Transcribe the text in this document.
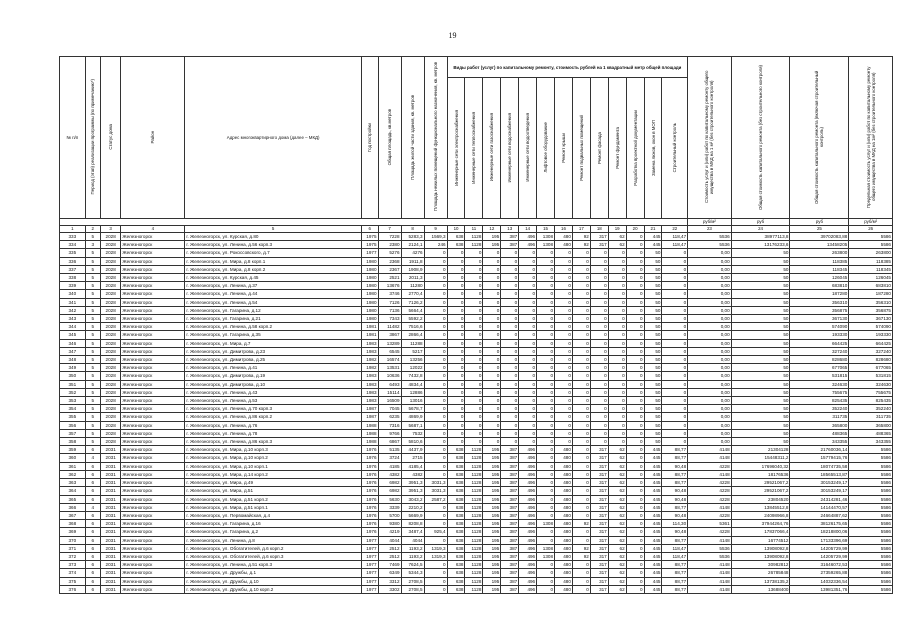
19
№ п/п	Период (этап) реализации программы (по примечанию*)	Статус дома	Район	Адрес многоквартирного дома (далее – МКД)	Год постройки	Общая площадь, кв.метров	Площадь жилой части здания, кв. метров	Площадь нежилых помещений функционального назначения, кв. метров	Виды работ (услуг) по капитальному ремонту, стоимость рублей на 1 квадратный метр общей площади													Стоимость услуг и (или) работ по капитальному ремонту общего имущества в МКД на 1 м² (без строительного контроля)	Общая стоимость капитального ремонта (без строительного контроля)	Общая стоимость капитального ремонта (включая строительный контроль)	Предельная стоимость услуг и (или) работ по капитальному ремонту общего имущества в МКД на 1м² (без строительного контроля)
									Инженерные сети электроснабжения	Инженерные сети теплоснабжения	Инженерные сети газоснабжения	Инженерные сети водоснабжения	Инженерные сети водоотведения	Лифтовое оборудование	Ремонт крыши	Ремонт подвальных помещений	Ремонт фасада	Ремонт фундамента	Разработка проектной документации	Замена люков, окон в МОП	Строительный контроль				
																						руб/м²	руб	руб	руб/м²
1	2	3	4	5	6	7	8	9	10	11	12	13	14	15	16	17	18	19	20	21	22	23	24	25	26
333	5	2028	Железногорск	г. Железногорск, ул. Курская, д.80	1975	7228	5283,3	1569,3	638	1128	195	387	496	1308	480	92	317	62	0	445	118,47	5536	38977113,8	39702083,88	5586
334	3	2028	Железногорск	г. Железногорск, ул. Ленина, д.56 корп.3	1975	2380	2124,1	246	638	1128	195	387	496	1308	480	92	317	62	0	445	118,47	5536	13176233,6	13458205	5586
335	5	2028	Железногорск	г. Железногорск, ул. Рокоссовского, д.7	1977	5276	4276	0	0	0	0	0	0	0	0	0	0	0	0	50	0	0,00	50	263800	263800
336	5	2028	Железногорск	г. Железногорск, ул. Мира, д.8 корп.1	1980	2368	1911,8	0	0	0	0	0	0	0	0	0	0	0	0	50	0	0,00	50	118385	118385
337	5	2028	Железногорск	г. Железногорск, ул. Мира, д.8 корп.2	1980	2367	1908,9	0	0	0	0	0	0	0	0	0	0	0	0	50	0	0,00	50	118345	118345
338	5	2028	Железногорск	г. Железногорск, ул. Курская, д.45	1980	2521	2011,3	0	0	0	0	0	0	0	0	0	0	0	0	50	0	0,00	50	126045	126045
339	5	2028	Железногорск	г. Железногорск, ул. Ленина, д.37	1980	13676	11280	0	0	0	0	0	0	0	0	0	0	0	0	50	0	0,00	50	683810	683810
340	5	2028	Железногорск	г. Железногорск, ул. Ленина, д.44	1980	3746	2770,4	0	0	0	0	0	0	0	0	0	0	0	0	50	0	0,00	50	187280	187280
341	5	2028	Железногорск	г. Железногорск, ул. Ленина, д.54	1980	7126	7126,2	0	0	0	0	0	0	0	0	0	0	0	0	50	0	0,00	50	356310	356310
342	5	2028	Железногорск	г. Железногорск, ул. Гагарина, д.12	1980	7136	5664,4	0	0	0	0	0	0	0	0	0	0	0	0	50	0	0,00	50	356875	356875
343	5	2028	Железногорск	г. Железногорск, ул. Гагарина, д.21	1980	7343	5592,2	0	0	0	0	0	0	0	0	0	0	0	0	50	0	0,00	50	367130	367130
344	5	2028	Железногорск	г. Железногорск, ул. Ленина, д.58 корп.2	1981	11482	7516,6	0	0	0	0	0	0	0	0	0	0	0	0	50	0	0,00	50	574090	574090
345	5	2028	Железногорск	г. Железногорск, ул. Гагарина, д.35	1981	3867	2866,4	0	0	0	0	0	0	0	0	0	0	0	0	50	0	0,00	50	193330	193330
346	5	2028	Железногорск	г. Железногорск, ул. Мира, д.7	1983	13289	11288	0	0	0	0	0	0	0	0	0	0	0	0	50	0	0,00	50	664425	664425
347	5	2028	Железногорск	г. Железногорск, ул. Димитрова, д.23	1983	6545	5217	0	0	0	0	0	0	0	0	0	0	0	0	50	0	0,00	50	327240	327240
348	5	2028	Железногорск	г. Железногорск, ул. Димитрова, д.25	1982	16574	13256	0	0	0	0	0	0	0	0	0	0	0	0	50	0	0,00	50	828680	828680
349	5	2028	Железногорск	г. Железногорск, ул. Ленина, д.41	1982	13531	12022	0	0	0	0	0	0	0	0	0	0	0	0	50	0	0,00	50	677065	677065
350	5	2028	Железногорск	г. Железногорск, ул. Димитрова, д.19	1983	10636	7432,8	0	0	0	0	0	0	0	0	0	0	0	0	50	0	0,00	50	531815	531815
351	5	2028	Железногорск	г. Железногорск, ул. Димитрова, д.10	1983	6493	4834,4	0	0	0	0	0	0	0	0	0	0	0	0	50	0	0,00	50	324630	324630
352	5	2028	Железногорск	г. Железногорск, ул. Ленина, д.43	1983	15114	12886	0	0	0	0	0	0	0	0	0	0	0	0	50	0	0,00	50	755675	755675
353	5	2028	Железногорск	г. Железногорск, ул. Ленина, д.53	1983	16509	13016	0	0	0	0	0	0	0	0	0	0	0	0	50	0	0,00	50	825435	825435
354	5	2028	Железногорск	г. Железногорск, ул. Ленина, д.70 корп.3	1987	7045	5678,7	0	0	0	0	0	0	0	0	0	0	0	0	50	0	0,00	50	352240	352240
355	5	2028	Железногорск	г. Железногорск, ул. Ленина, д.86 корп.2	1987	6235	4869,9	0	0	0	0	0	0	0	0	0	0	0	0	50	0	0,00	50	311735	311735
356	5	2028	Железногорск	г. Железногорск, ул. Ленина, д.76	1988	7316	5687,1	0	0	0	0	0	0	0	0	0	0	0	0	50	0	0,00	50	365800	365800
357	5	2028	Железногорск	г. Железногорск, ул. Ленина, д.78	1988	9766	7532	0	0	0	0	0	0	0	0	0	0	0	0	50	0	0,00	50	488365	488365
358	5	2028	Железногорск	г. Железногорск, ул. Ленина, д.86 корп.3	1988	6867	5810,6	0	0	0	0	0	0	0	0	0	0	0	0	50	0	0,00	50	343355	343355
359	6	2031	Железногорск	г. Железногорск, ул. Мира, д.10 корп.3	1976	5135	4437,9	0	638	1128	195	387	496	0	480	0	317	62	0	445	88,77	4148	21304128	21760036,14	5586
360	4	2031	Железногорск	г. Железногорск, ул. Мира, д.10 корп.2	1976	3724	2715	0	638	1128	195	387	496	0	480	0	317	62	0	445	88,77	4148	15448311,2	15779415,76	5586
361	6	2031	Железногорск	г. Железногорск, ул. Мира, д.10 корп.1	1976	4185	4185,4	0	638	1128	195	387	496	0	480	0	317	62	0	445	90,48	4228	17696040,32	18074735,58	5586
362	6	2031	Железногорск	г. Железногорск, ул. Мира, д.14 корп.2	1976	4382	4382	0	638	1128	195	387	496	0	480	0	317	62	0	445	88,77	4148	18176536	18565513,87	5586
363	6	2031	Железногорск	г. Железногорск, ул. Мира, д.49	1976	6982	3951,3	3031,3	638	1128	195	387	496	0	480	0	317	62	0	445	88,77	4228	29521067,2	30153249,17	5586
364	6	2031	Железногорск	г. Железногорск, ул. Мира, д.51	1976	6982	3951,3	3031,3	638	1128	195	387	496	0	480	0	317	62	0	445	90,48	4228	29521067,2	30153249,17	5586
365	6	2031	Железногорск	г. Железногорск, ул. Мира, д.51 корп.2	1976	5630	3043,2	2587,2	638	1128	195	387	496	0	480	0	317	62	0	445	90,48	4228	23804520	24314281,46	5586
366	4	2031	Железногорск	г. Железногорск, ул. Мира, д.51 корп.1	1976	3339	2210,2	0	638	1128	195	387	496	0	480	0	317	62	0	445	88,77	4148	13845512,8	14144470,57	5586
367	6	2031	Железногорск	г. Железногорск, ул. Первомайская, д.4	1976	5700	5669,9	0	638	1128	195	387	496	0	480	0	317	62	0	445	90,48	4228	24098966,8	24664887,62	5586
368	6	2031	Железногорск	г. Железногорск, ул. Гагарина, д.16	1976	9380	8208,8	0	638	1128	195	387	496	1308	480	92	317	62	0	445	114,30	5361	37944264,76	38126175,65	5586
369	6	2031	Железногорск	г. Железногорск, ул. Гагарина, д.2	1976	4219	3487,4	925,4	638	1128	195	387	496	0	480	0	317	62	0	445	90,48	4228	17837066,4	18218800,06	5586
370	6	2031	Железногорск	г. Железногорск, ул. Ленина, д.8	1977	4044	4044	0	638	1128	195	387	496	0	480	0	317	62	0	445	88,77	4148	16774512	17133396,69	5586
371	6	2031	Железногорск	г. Железногорск, ул. Обогатителей, д.6 корп.2	1977	2512	1193,2	1319,3	638	1128	195	387	496	1308	480	92	317	62	0	445	118,47	5536	13908092,8	14205729,99	5586
372	6	2031	Железногорск	г. Железногорск, ул. Обогатителей, д.6 корп.3	1977	2512	1193,2	1319,3	638	1128	195	387	496	1308	480	92	317	62	0	445	118,47	5536	13908092,8	14205729,99	5586
373	6	2031	Железногорск	г. Железногорск, ул. Ленина, д.51 корп.3	1977	7469	7624,5	0	638	1128	195	387	496	0	480	0	317	62	0	445	88,77	4148	30982812	31646072,53	5586
374	6	2031	Железногорск	г. Железногорск, ул. Дружбы, д.1	1977	6349	5344,3	0	638	1128	195	387	496	0	480	0	317	62	0	445	88,77	4148	26785848	27359265,88	5586
375	6	2031	Железногорск	г. Железногорск, ул. Дружбы, д.10	1977	3312	2708,5	0	638	1128	195	387	496	0	480	0	317	62	0	445	88,77	4148	13738135,2	14032336,54	5586
376	6	2031	Железногорск	г. Железногорск, ул. Дружбы, д.10 корп.2	1977	3302	2708,5	0	638	1128	195	387	496	0	480	0	317	62	0	445	88,77	4148	13688400	13981351,76	5586
